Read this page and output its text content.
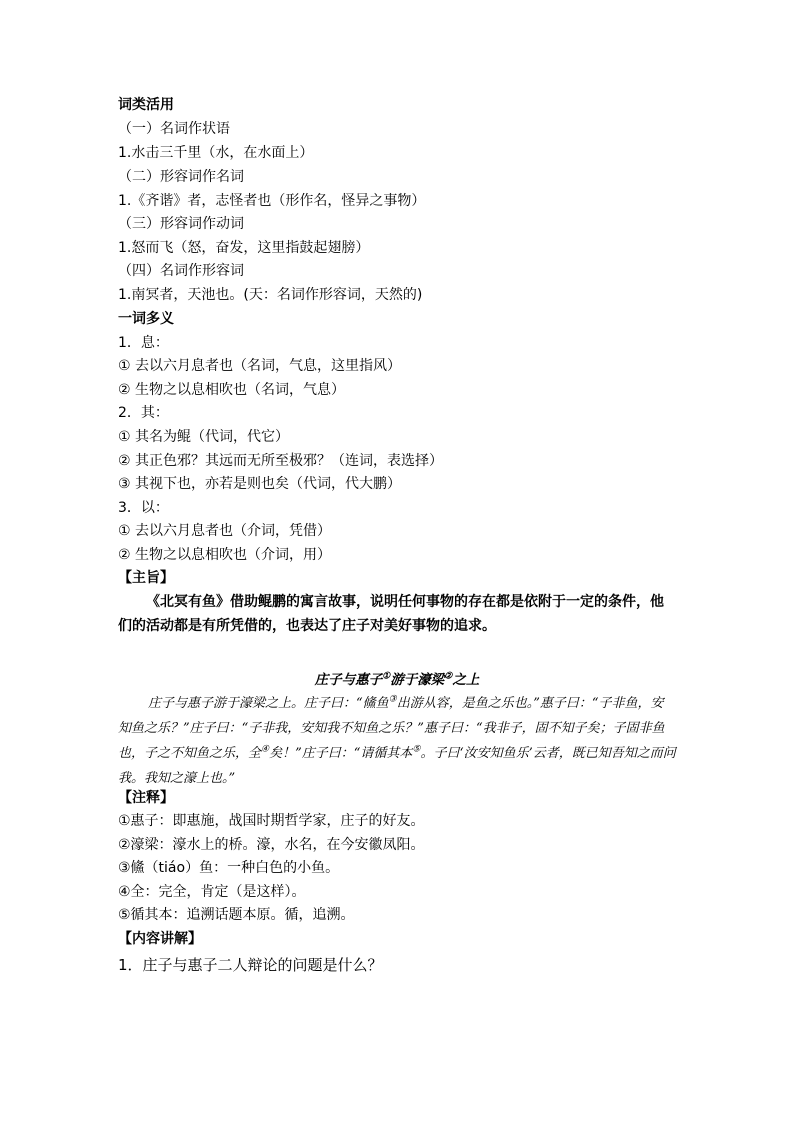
词类活用
（一）名词作状语
1.水击三千里（水，在水面上）
（二）形容词作名词
1.《齐谐》者，志怪者也（形作名，怪异之事物）
（三）形容词作动词
1.怒而飞（怒，奋发，这里指鼓起翅膀）
（四）名词作形容词
1.南冥者，天池也。(天：名词作形容词，天然的)
一词多义
1．息：
① 去以六月息者也（名词，气息，这里指风）
② 生物之以息相吹也（名词，气息）
2．其：
① 其名为鲲（代词，代它）
② 其正色邪？其远而无所至极邪？（连词，表选择）
③ 其视下也，亦若是则也矣（代词，代大鹏）
3．以：
① 去以六月息者也（介词，凭借）
② 生物之以息相吹也（介词，用）
【主旨】
《北冥有鱼》借助鲲鹏的寓言故事，说明任何事物的存在都是依附于一定的条件，他们的活动都是有所凭借的，也表达了庄子对美好事物的追求。
庄子与惠子①游于濠梁②之上
庄子与惠子游于濠梁之上。庄子曰：“鯈鱼③出游从容，是鱼之乐也。”惠子曰：“子非鱼，安知鱼之乐？”庄子曰：“子非我，安知我不知鱼之乐？”惠子曰：“我非子，固不知子矣；子固非鱼也，子之不知鱼之乐，全④矣！”庄子曰：“请循其本⑤。子曰‘汝安知鱼乐’云者，既已知吾知之而问我。我知之濠上也。”
【注释】
①惠子：即惠施，战国时期哲学家，庄子的好友。
②濠梁：濠水上的桥。濠，水名，在今安徽凤阳。
③鯈（tiáo）鱼：一种白色的小鱼。
④全：完全，肯定（是这样）。
⑤循其本：追溯话题本原。循，追溯。
【内容讲解】
1．庄子与惠子二人辩论的问题是什么？
